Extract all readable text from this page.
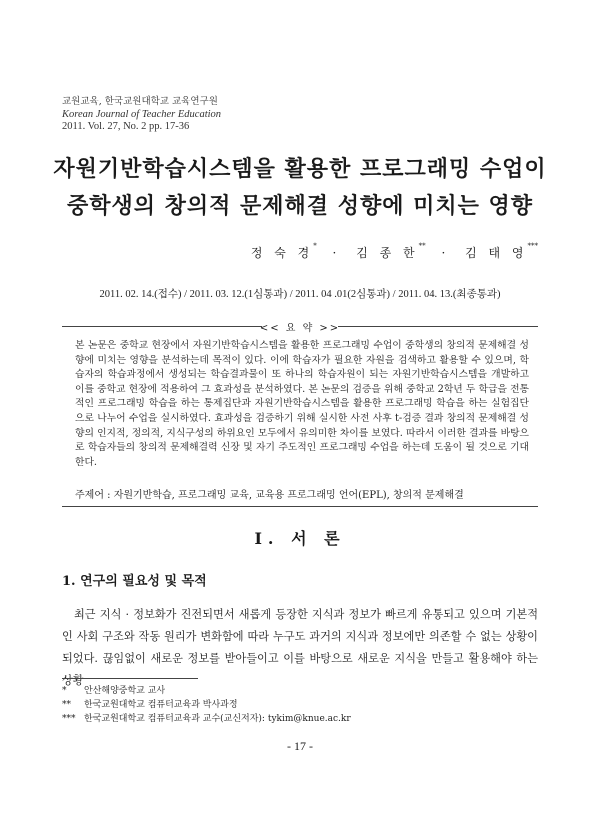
교원교육, 한국교원대학교 교육연구원
Korean Journal of Teacher Education
2011. Vol. 27, No. 2 pp. 17-36
자원기반학습시스템을 활용한 프로그래밍 수업이
중학생의 창의적 문제해결 성향에 미치는 영향
정 숙 경* · 김 종 한** · 김 태 영***
2011. 02. 14.(접수) / 2011. 03. 12.(1심통과) / 2011. 04 .01(2심통과) / 2011. 04. 13.(최종통과)
<< 요 약 >>
본 논문은 중학교 현장에서 자원기반학습시스템을 활용한 프로그래밍 수업이 중학생의 창의적 문제해결 성향에 미치는 영향을 분석하는데 목적이 있다. 이에 학습자가 필요한 자원을 검색하고 활용할 수 있으며, 학습자의 학습과정에서 생성되는 학습결과물이 또 하나의 학습자원이 되는 자원기반학습시스템을 개발하고 이를 중학교 현장에 적용하여 그 효과성을 분석하였다. 본 논문의 검증을 위해 중학교 2학년 두 학급을 전통적인 프로그래밍 학습을 하는 통제집단과 자원기반학습시스템을 활용한 프로그래밍 학습을 하는 실험집단으로 나누어 수업을 실시하였다. 효과성을 검증하기 위해 실시한 사전 사후 t-검증 결과 창의적 문제해결 성향의 인지적, 정의적, 지식구성의 하위요인 모두에서 유의미한 차이를 보였다. 따라서 이러한 결과를 바탕으로 학습자들의 창의적 문제해결력 신장 및 자기 주도적인 프로그래밍 수업을 하는데 도움이 될 것으로 기대한다.
주제어 : 자원기반학습, 프로그래밍 교육, 교육용 프로그래밍 언어(EPL), 창의적 문제해결
Ⅰ. 서 론
1. 연구의 필요성 및 목적
최근 지식 · 정보화가 진전되면서 새롭게 등장한 지식과 정보가 빠르게 유통되고 있으며 기본적인 사회 구조와 작동 원리가 변화함에 따라 누구도 과거의 지식과 정보에만 의존할 수 없는 상황이 되었다. 끊임없이 새로운 정보를 받아들이고 이를 바탕으로 새로운 지식을 만들고 활용해야 하는 상황
* 안산해양중학교 교사
** 한국교원대학교 컴퓨터교육과 박사과정
*** 한국교원대학교 컴퓨터교육과 교수(교신저자): tykim@knue.ac.kr
- 17 -
